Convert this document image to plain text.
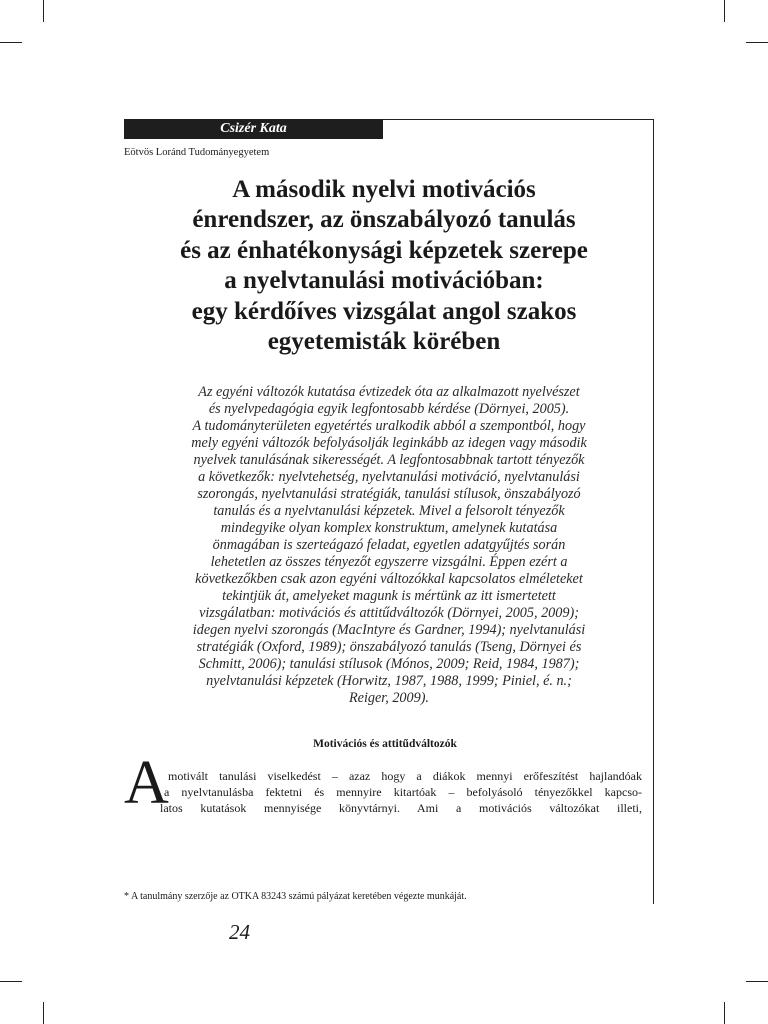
Csizér Kata
Eötvös Loránd Tudományegyetem
A második nyelvi motivációs
énrendszer, az önszabályozó tanulás
és az énhatékonysági képzetek szerepe
a nyelvtanulási motivációban:
egy kérdőíves vizsgálat angol szakos
egyetemisták körében
Az egyéni változók kutatása évtizedek óta az alkalmazott nyelvészet
és nyelvpedagógia egyik legfontosabb kérdése (Dörnyei, 2005).
A tudományterületen egyetértés uralkodik abból a szempontból, hogy
mely egyéni változók befolyásolják leginkább az idegen vagy második
nyelvek tanulásának sikerességét. A legfontosabbnak tartott tényezők
a következők: nyelvtehetség, nyelvtanulási motiváció, nyelvtanulási
szorongás, nyelvtanulási stratégiák, tanulási stílusok, önszabályozó
tanulás és a nyelvtanulási képzetek. Mivel a felsorolt tényezők
mindegyike olyan komplex konstruktum, amelynek kutatása
önmagában is szerteágazó feladat, egyetlen adatgyűjtés során
lehetetlen az összes tényezőt egyszerre vizsgálni. Éppen ezért a
következőkben csak azon egyéni változókkal kapcsolatos elméleteket
tekintjük át, amelyeket magunk is mértünk az itt ismertetett
vizsgálatban: motivációs és attitűdváltozók (Dörnyei, 2005, 2009);
idegen nyelvi szorongás (MacIntyre és Gardner, 1994); nyelvtanulási
stratégiák (Oxford, 1989); önszabályozó tanulás (Tseng, Dörnyei és
Schmitt, 2006); tanulási stílusok (Mónos, 2009; Reid, 1984, 1987);
nyelvtanulási képzetek (Horwitz, 1987, 1988, 1999; Piniel, é. n.;
Reiger, 2009).
Motivációs és attitűdváltozók
A motivált tanulási viselkedést – azaz hogy a diákok mennyi erőfeszítést hajlandóak
a nyelvtanulásba fektetni és mennyire kitartóak – befolyásoló tényezőkkel kapcso-
latos kutatások mennyisége könyvtárnyi. Ami a motivációs változókat illeti,
* A tanulmány szerzője az OTKA 83243 számú pályázat keretében végezte munkáját.
24
